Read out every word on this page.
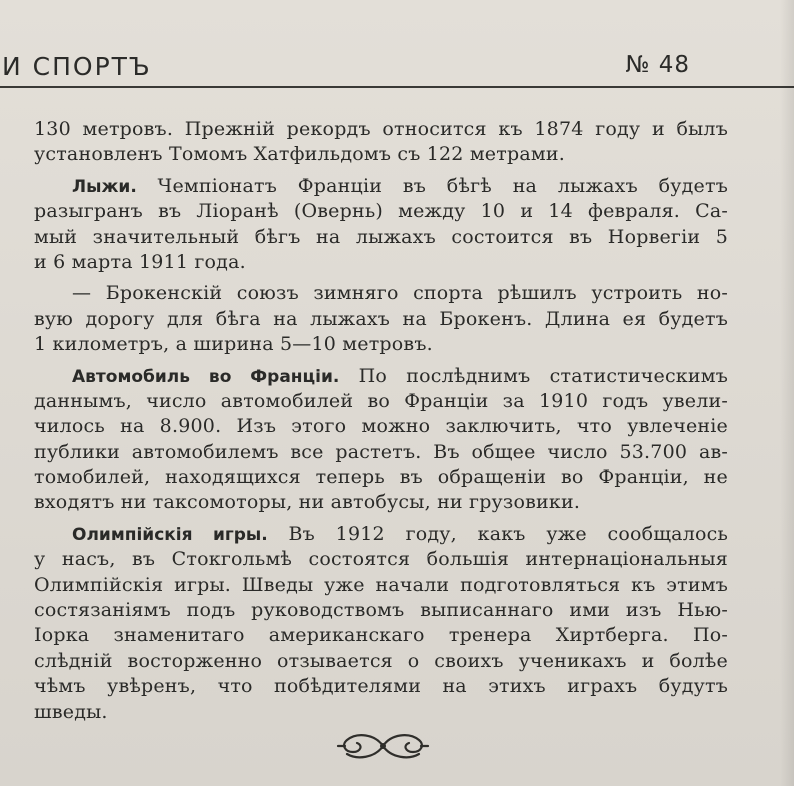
И СПОРТЪ	№ 48
130 метровъ. Прежній рекордъ относится къ 1874 году и былъ
установленъ Томомъ Хатфильдомъ съ 122 метрами.
Лыжи. Чемпіонатъ Франціи въ бѣгѣ на лыжахъ будетъ
разыгранъ въ Ліоранѣ (Овернь) между 10 и 14 февраля. Са-
мый значительный бѣгъ на лыжахъ состоится въ Норвегіи 5
и 6 марта 1911 года.
— Брокенскій союзъ зимняго спорта рѣшилъ устроить но-
вую дорогу для бѣга на лыжахъ на Брокенъ. Длина ея будетъ
1 километръ, а ширина 5—10 метровъ.
Автомобиль во Франціи. По послѣднимъ статистическимъ
даннымъ, число автомобилей во Франціи за 1910 годъ увели-
чилось на 8.900. Изъ этого можно заключить, что увлеченіе
публики автомобилемъ все растетъ. Въ общее число 53.700 ав-
томобилей, находящихся теперь въ обращеніи во Франціи, не
входятъ ни таксомоторы, ни автобусы, ни грузовики.
Олимпійскія игры. Въ 1912 году, какъ уже сообщалось
у насъ, въ Стокгольмѣ состоятся большія интернаціональныя
Олимпійскія игры. Шведы уже начали подготовляться къ этимъ
состязаніямъ подъ руководствомъ выписаннаго ими изъ Нью-
Іорка знаменитаго американскаго тренера Хиртберга. По-
слѣдній восторженно отзывается о своихъ ученикахъ и болѣе
чѣмъ увѣренъ, что побѣдителями на этихъ играхъ будутъ
шведы.
